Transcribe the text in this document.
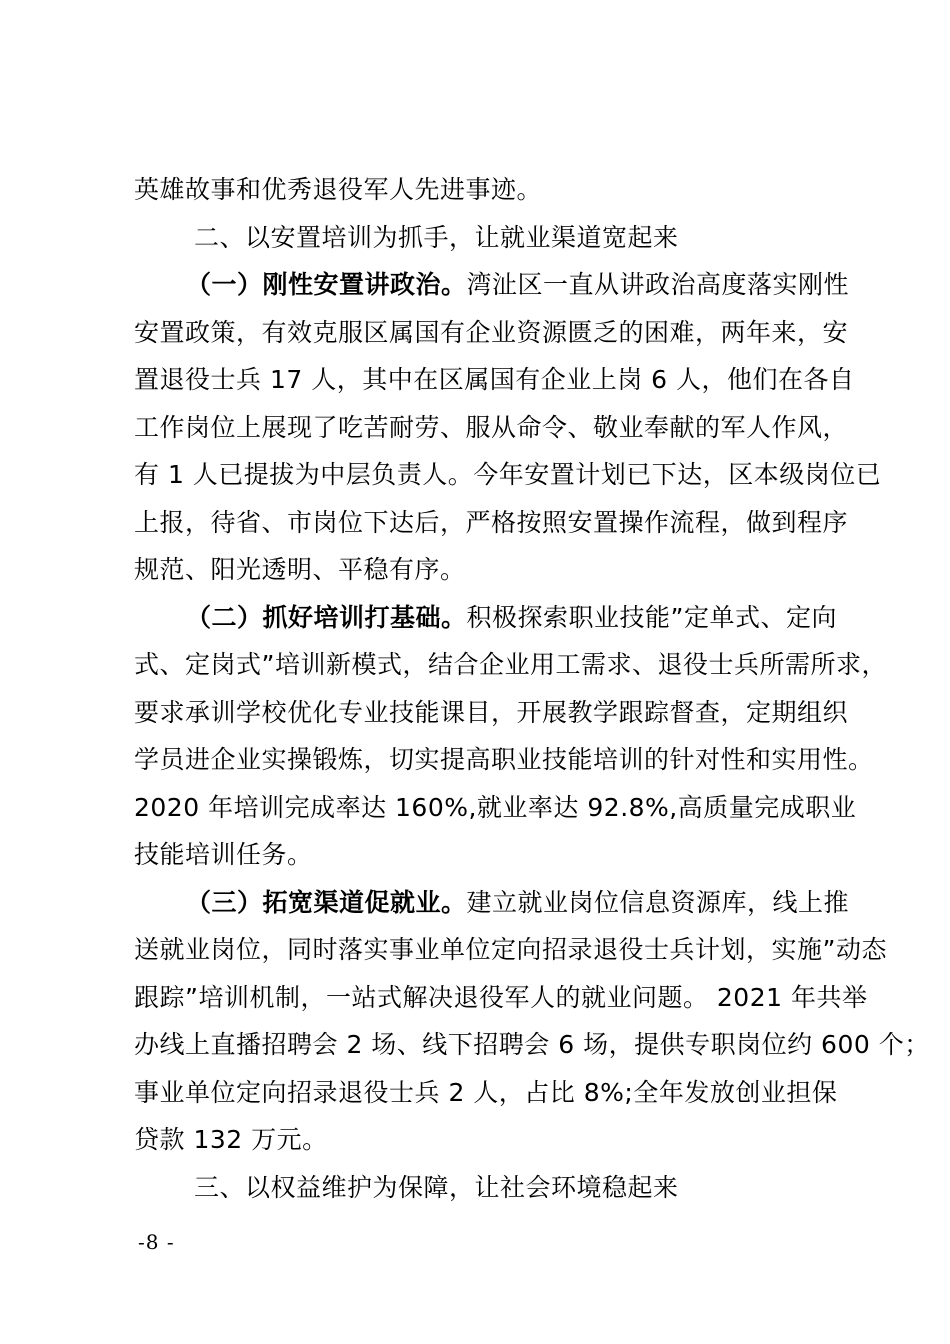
英雄故事和优秀退役军人先进事迹。
二、以安置培训为抓手，让就业渠道宽起来
（一）刚性安置讲政治。湾沚区一直从讲政治高度落实刚性
安置政策，有效克服区属国有企业资源匮乏的困难，两年来，安
置退役士兵 17 人，其中在区属国有企业上岗 6 人，他们在各自
工作岗位上展现了吃苦耐劳、服从命令、敬业奉献的军人作风，
有 1 人已提拔为中层负责人。今年安置计划已下达，区本级岗位已
上报，待省、市岗位下达后，严格按照安置操作流程，做到程序
规范、阳光透明、平稳有序。
（二）抓好培训打基础。积极探索职业技能”定单式、定向
式、定岗式”培训新模式，结合企业用工需求、退役士兵所需所求，
要求承训学校优化专业技能课目，开展教学跟踪督查，定期组织
学员进企业实操锻炼，切实提高职业技能培训的针对性和实用性。
2020 年培训完成率达 160%,就业率达 92.8%,高质量完成职业
技能培训任务。
（三）拓宽渠道促就业。建立就业岗位信息资源库，线上推
送就业岗位，同时落实事业单位定向招录退役士兵计划，实施”动态
跟踪”培训机制，一站式解决退役军人的就业问题。 2021 年共举
办线上直播招聘会 2 场、线下招聘会 6 场，提供专职岗位约 600 个；
事业单位定向招录退役士兵 2 人，占比 8%;全年发放创业担保
贷款 132 万元。
三、以权益维护为保障，让社会环境稳起来
-8 -
